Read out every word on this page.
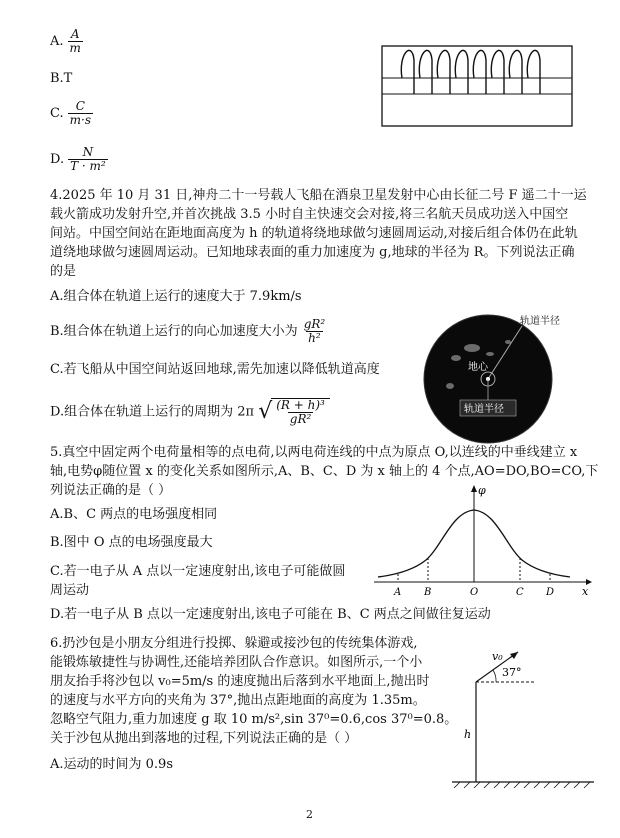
A. $\frac{A}{m}$
B.T
C. $\frac{C}{m\cdot s}$
D. $\frac{N}{\text{T · m²}}$
4.2025 年 10 月 31 日,神舟二十一号载人飞船在酒泉卫星发射中心由长征二号 F 遥二十一运
载火箭成功发射升空,并首次挑战 3.5 小时自主快速交会对接,将三名航天员成功送入中国空
间站。中国空间站在距地面高度为 h 的轨道将绕地球做匀速圆周运动,对接后组合体仍在此轨
道绕地球做匀速圆周运动。已知地球表面的重力加速度为 g,地球的半径为 R。下列说法正确
的是
A.组合体在轨道上运行的速度大于 7.9km/s
B.组合体在轨道上运行的向心加速度大小为 $\frac{\text{gR²}}{\text{h²}}$
C.若飞船从中国空间站返回地球,需先加速以降低轨道高度
D.组合体在轨道上运行的周期为 2π √ $\frac{\text{(R + h)³}}{\text{gR²}}$
地心
轨道半径
轨道半径
5.真空中固定两个电荷量相等的点电荷,以两电荷连线的中点为原点 O,以连线的中垂线建立 x
轴,电势φ随位置 x 的变化关系如图所示,A、B、C、D 为 x 轴上的 4 个点,AO=DO,BO=CO,下
列说法正确的是（ ）
A.B、C 两点的电场强度相同
B.图中 O 点的电场强度最大
C.若一电子从 A 点以一定速度射出,该电子可能做圆
周运动
D.若一电子从 B 点以一定速度射出,该电子可能在 B、C 两点之间做往复运动
φ
x
A B	O	C D
6.扔沙包是小朋友分组进行投掷、躲避或接沙包的传统集体游戏,
能锻炼敏捷性与协调性,还能培养团队合作意识。如图所示,一个小
朋友抬手将沙包以 v₀=5m/s 的速度抛出后落到水平地面上,抛出时
的速度与水平方向的夹角为 37°,抛出点距地面的高度为 1.35m。
忽略空气阻力,重力加速度 g 取 10 m/s²,sin 37⁰=0.6,cos 37⁰=0.8。
关于沙包从抛出到落地的过程,下列说法正确的是（ ）
A.运动的时间为 0.9s
h
v₀
37°
2
